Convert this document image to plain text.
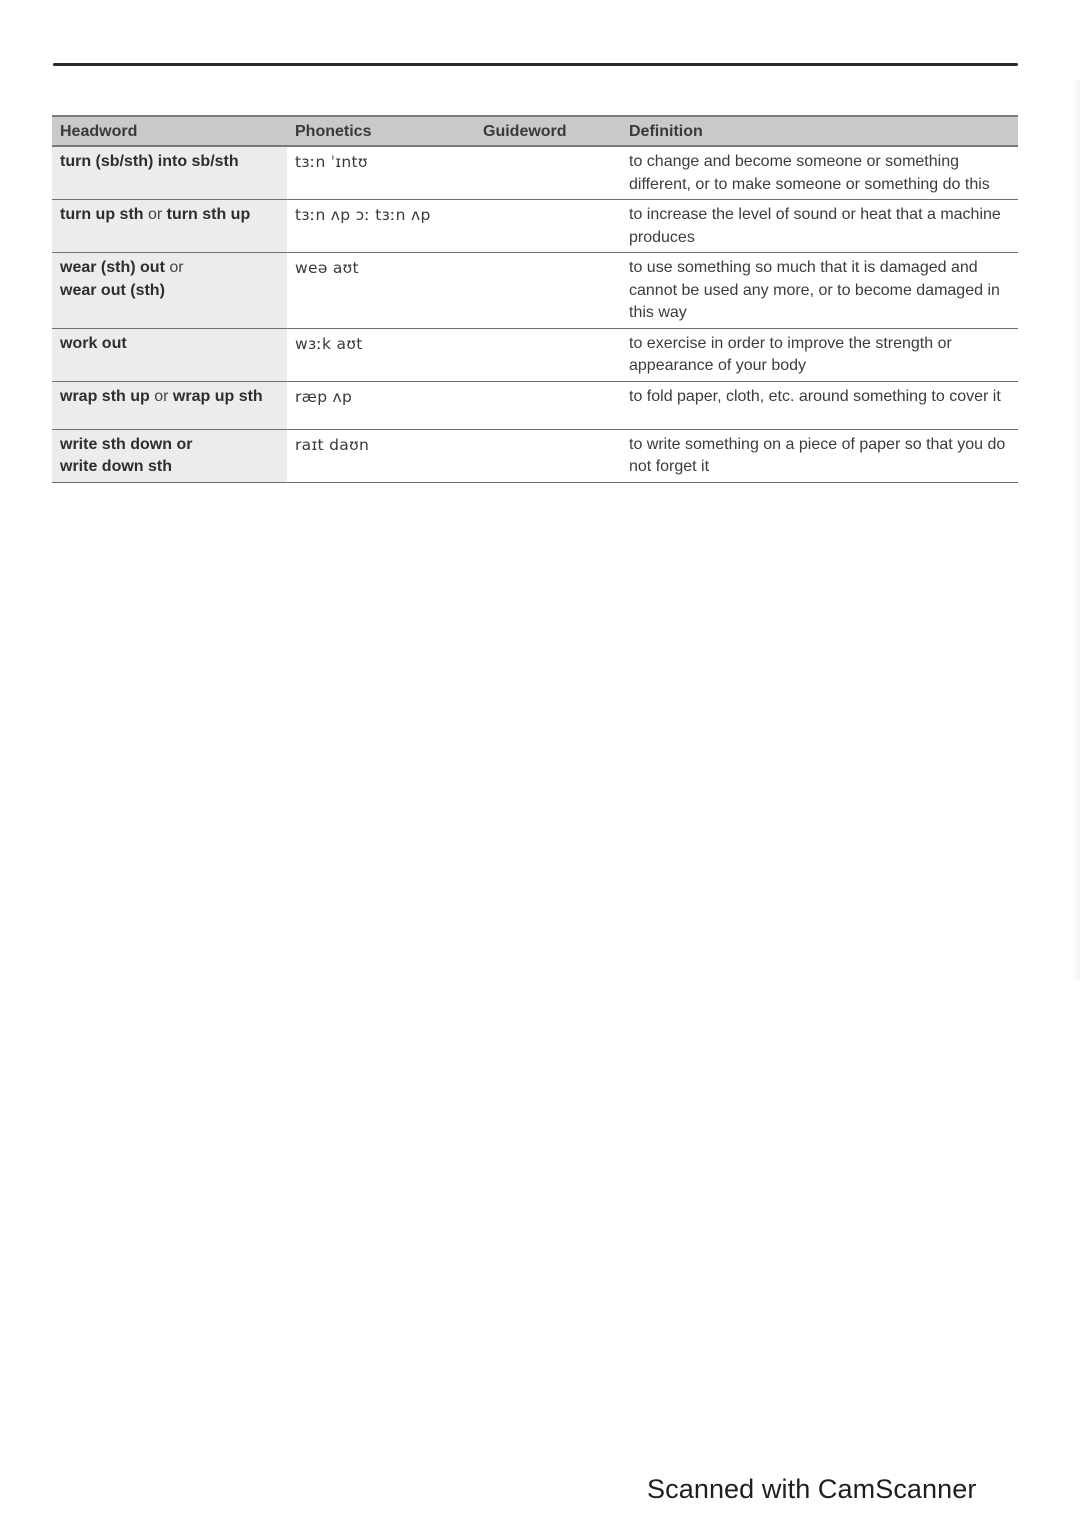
Headword	Phonetics	Guideword	Definition
turn (sb/sth) into sb/sth	tɜːn ˈɪntʊ		to change and become someone or something different, or to make someone or something do this
turn up sth or turn sth up	tɜːn ʌp ɔː tɜːn ʌp		to increase the level of sound or heat that a machine produces
wear (sth) out or
wear out (sth)	weə aʊt		to use something so much that it is damaged and cannot be used any more, or to become damaged in this way
work out	wɜːk aʊt		to exercise in order to improve the strength or appearance of your body
wrap sth up or wrap up sth	ræp ʌp		to fold paper, cloth, etc. around something to cover it
write sth down or
write down sth	raɪt daʊn		to write something on a piece of paper so that you do not forget it
Scanned with CamScanner
